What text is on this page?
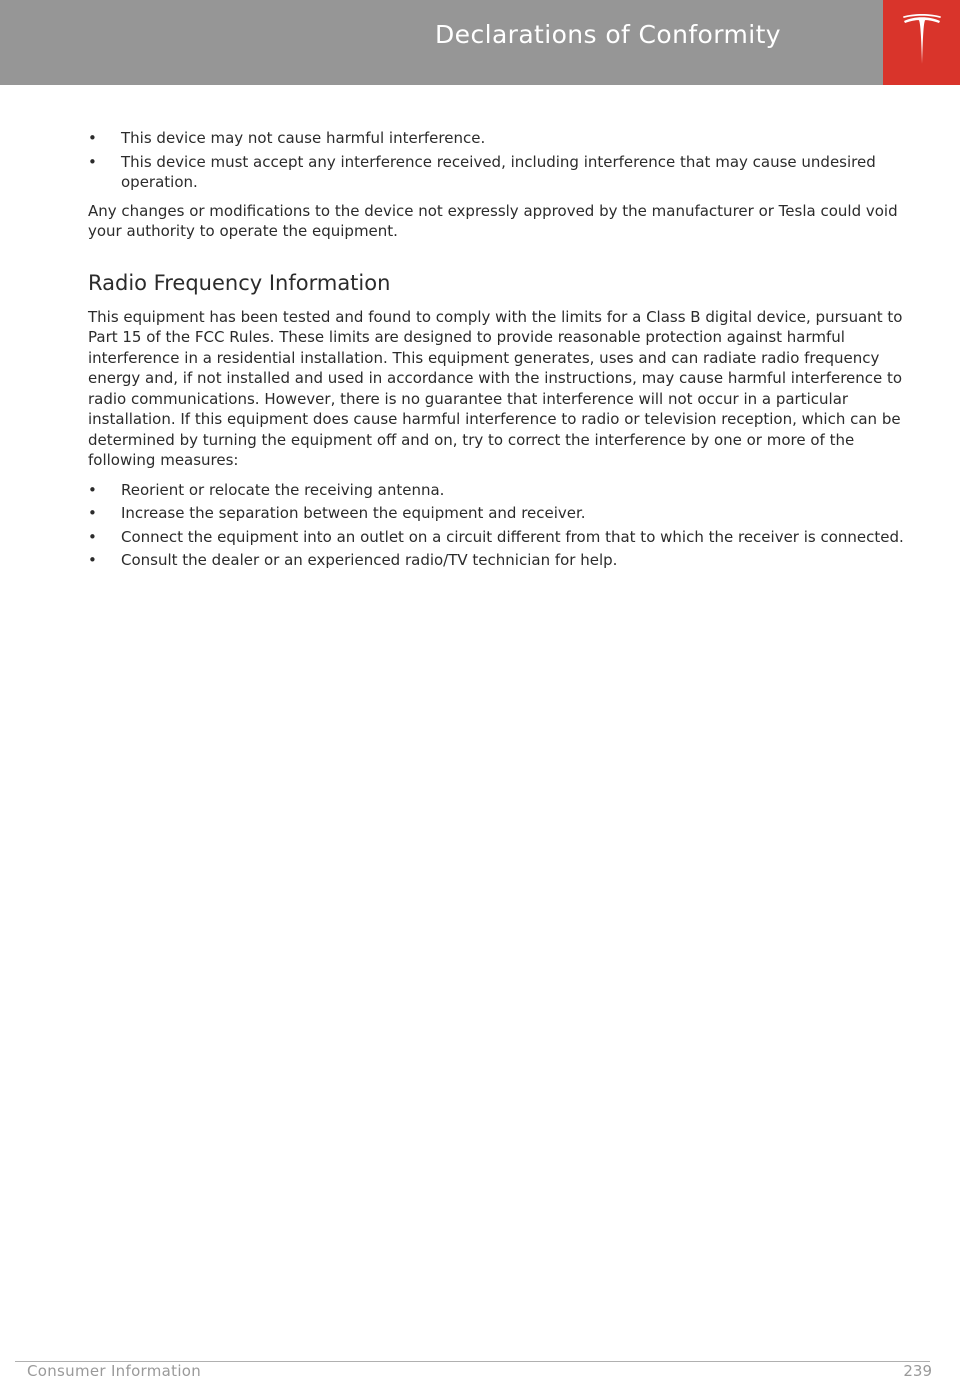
Declarations of Conformity
•	This device may not cause harmful interference.
•	This device must accept any interference received, including interference that may cause undesired operation.

Any changes or modifications to the device not expressly approved by the manufacturer or Tesla could void your authority to operate the equipment.

Radio Frequency Information

This equipment has been tested and found to comply with the limits for a Class B digital device, pursuant to Part 15 of the FCC Rules. These limits are designed to provide reasonable protection against harmful interference in a residential installation. This equipment generates, uses and can radiate radio frequency energy and, if not installed and used in accordance with the instructions, may cause harmful interference to radio communications. However, there is no guarantee that interference will not occur in a particular installation. If this equipment does cause harmful interference to radio or television reception, which can be determined by turning the equipment off and on, try to correct the interference by one or more of the following measures:

•	Reorient or relocate the receiving antenna.
•	Increase the separation between the equipment and receiver.
•	Connect the equipment into an outlet on a circuit different from that to which the receiver is connected.
•	Consult the dealer or an experienced radio/TV technician for help.
Consumer Information	239
